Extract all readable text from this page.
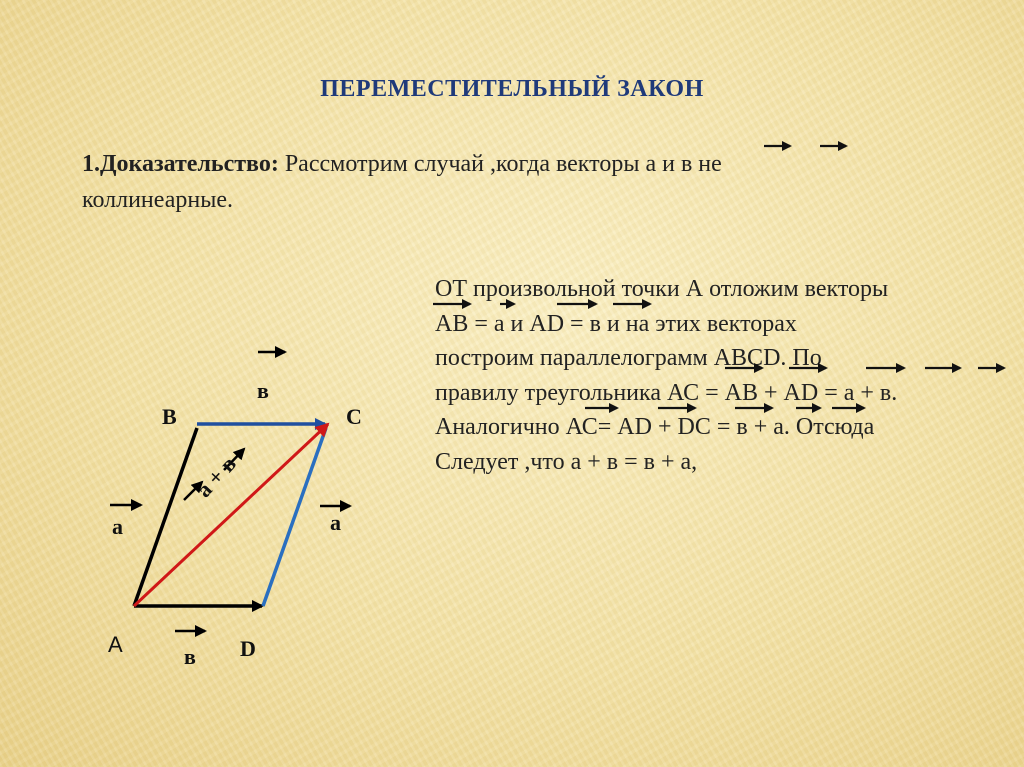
ПЕРЕМЕСТИТЕЛЬНЫЙ ЗАКОН
1.Доказательство: Рассмотрим случай ,когда векторы а и в не
коллинеарные.
ОТ произвольной точки А отложим векторы
АВ = а и АD = в и на этих векторах
построим параллелограмм АВСD. По
правилу треугольника АС = АВ + АD = а + в.
Аналогично АС= АD + DC = в + а. Отсюда
Следует ,что а + в = в + а,
В	С
А	D
в
а	а
в
а + в
